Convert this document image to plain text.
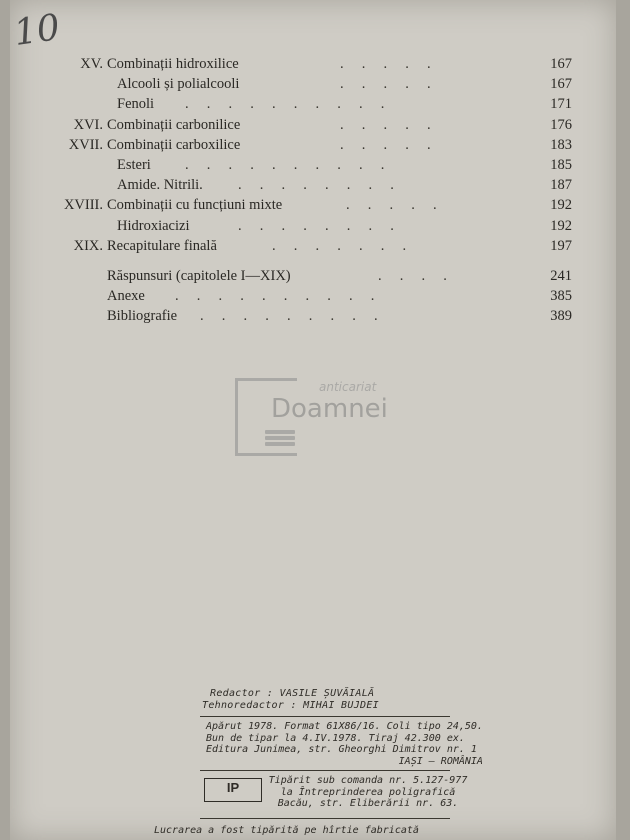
10
XV. Combinații hidroxilice	.     .     .     .     .	167
Alcooli și polialcooli	.     .     .     .     .	167
Fenoli .     .     .     .     .     .     .     .     .     .	171
XVI. Combinații carbonilice	.     .     .     .     .	176
XVII. Combinații carboxilice	.     .     .     .     .	183
Esteri .     .     .     .     .     .     .     .     .     .	185
Amide. Nitrili. .     .     .     .     .     .     .     .	187
XVIII. Combinații cu funcțiuni mixte	.     .     .     .     .	192
Hidroxiacizi	.     .     .     .     .     .     .     .	192
XIX. Recapitulare finală	.     .     .     .     .     .     .	197
Răspunsuri (capitolele I—XIX)	.     .     .     .	241
Anexe .     .     .     .     .     .     .     .     .     .	385
Bibliografie .     .     .     .     .     .     .     .     .	389
anticariat
Doamnei
Redactor : VASILE ȘUVĂIALĂ
Tehnoredactor : MIHAI BUJDEI
Apărut 1978. Format 61X86/16. Coli tipo 24,50.
Bun de tipar la 4.IV.1978. Tiraj 42.300 ex.
Editura Junimea, str. Gheorghi Dimitrov nr. 1
IAȘI — ROMÂNIA
IP	Tipărit sub comanda nr. 5.127-977
la Întreprinderea poligrafică
Bacău, str. Eliberării nr. 63.
Lucrarea a fost tipărită pe hîrtie fabricată
